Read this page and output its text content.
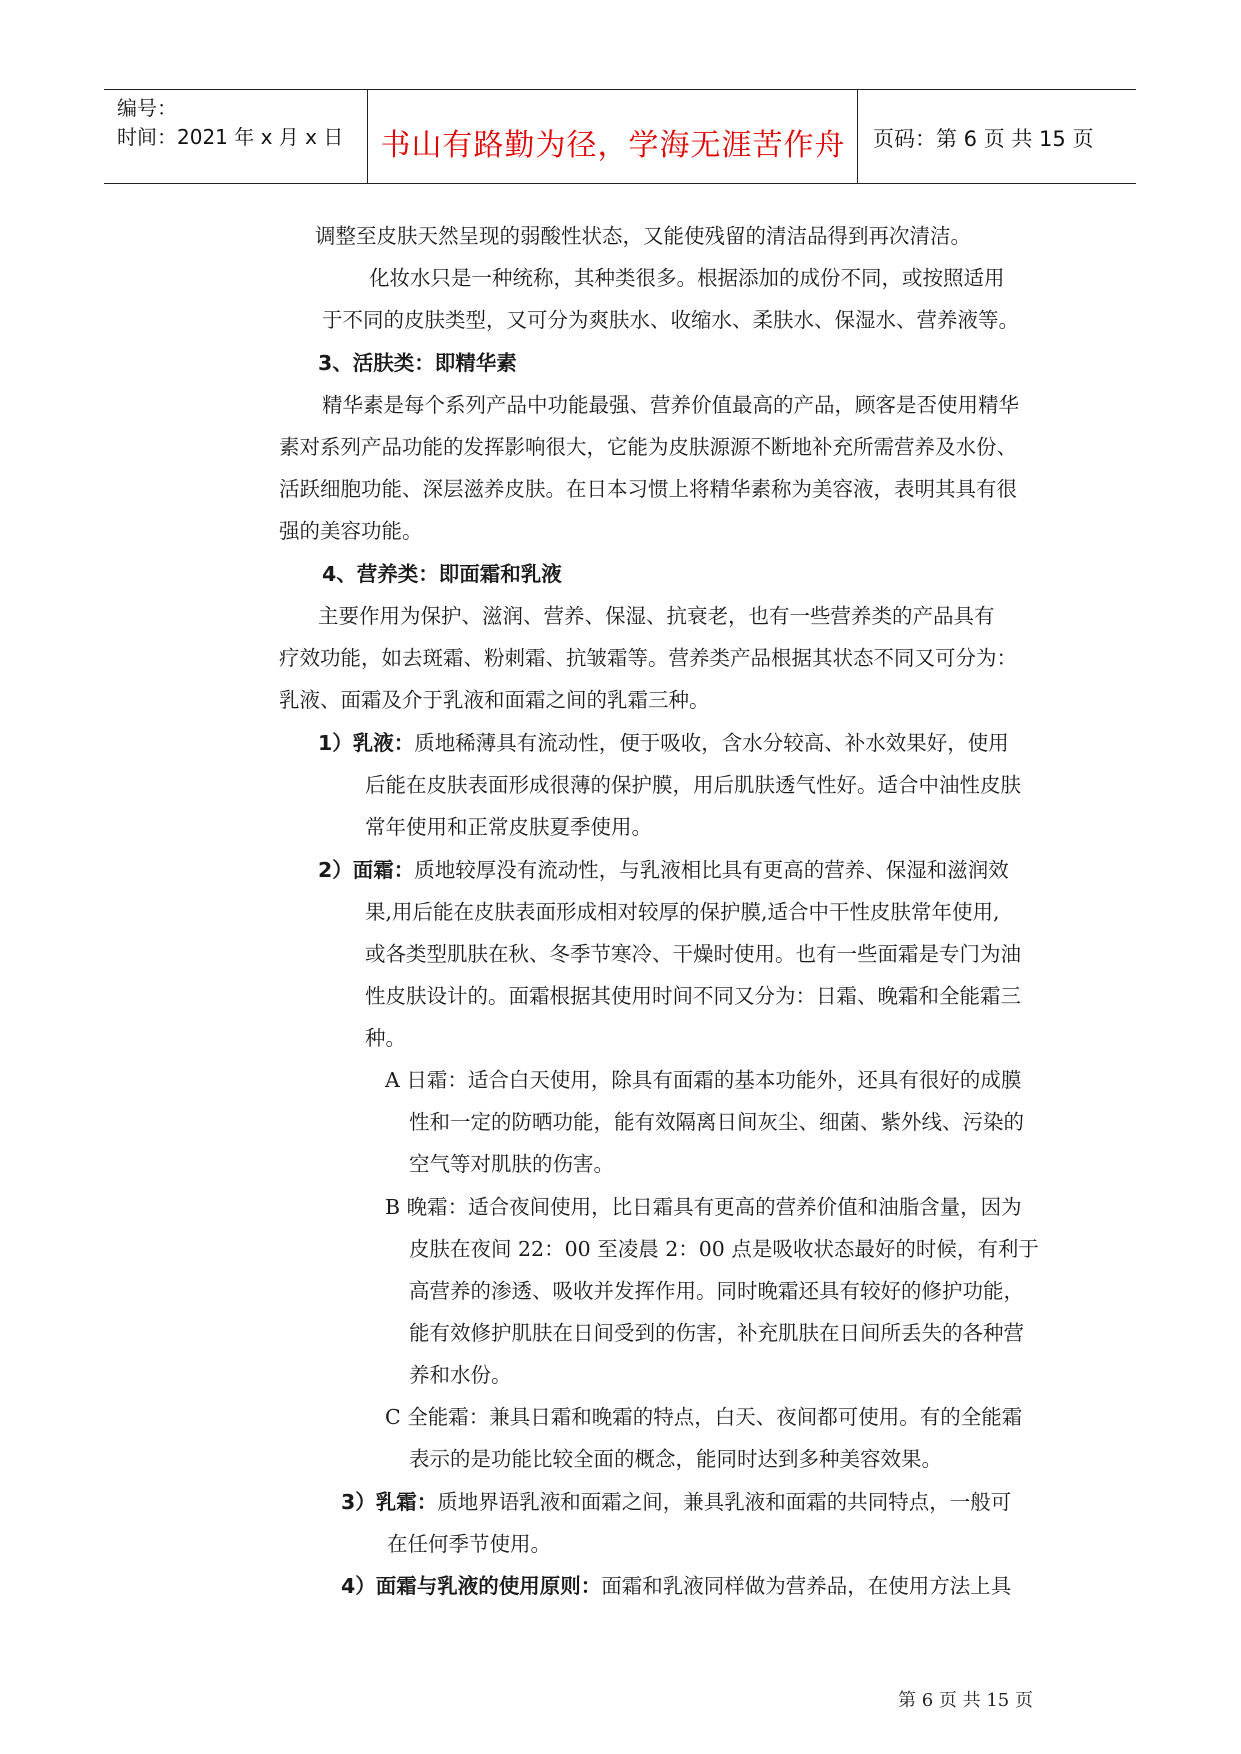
编号：
时间：2021 年 x 月 x 日	书山有路勤为径，学海无涯苦作舟	页码：第 6 页 共 15 页
调整至皮肤天然呈现的弱酸性状态，又能使残留的清洁品得到再次清洁。
化妆水只是一种统称，其种类很多。根据添加的成份不同，或按照适用
于不同的皮肤类型，又可分为爽肤水、收缩水、柔肤水、保湿水、营养液等。
3、活肤类：即精华素
精华素是每个系列产品中功能最强、营养价值最高的产品，顾客是否使用精华
素对系列产品功能的发挥影响很大，它能为皮肤源源不断地补充所需营养及水份、
活跃细胞功能、深层滋养皮肤。在日本习惯上将精华素称为美容液，表明其具有很
强的美容功能。
4、营养类：即面霜和乳液
主要作用为保护、滋润、营养、保湿、抗衰老，也有一些营养类的产品具有
疗效功能，如去斑霜、粉刺霜、抗皱霜等。营养类产品根据其状态不同又可分为：
乳液、面霜及介于乳液和面霜之间的乳霜三种。
1）乳液：质地稀薄具有流动性，便于吸收，含水分较高、补水效果好，使用
后能在皮肤表面形成很薄的保护膜，用后肌肤透气性好。适合中油性皮肤
常年使用和正常皮肤夏季使用。
2）面霜：质地较厚没有流动性，与乳液相比具有更高的营养、保湿和滋润效
果,用后能在皮肤表面形成相对较厚的保护膜,适合中干性皮肤常年使用,
或各类型肌肤在秋、冬季节寒冷、干燥时使用。也有一些面霜是专门为油
性皮肤设计的。面霜根据其使用时间不同又分为：日霜、晚霜和全能霜三
种。
A 日霜：适合白天使用，除具有面霜的基本功能外，还具有很好的成膜
性和一定的防晒功能，能有效隔离日间灰尘、细菌、紫外线、污染的
空气等对肌肤的伤害。
B 晚霜：适合夜间使用，比日霜具有更高的营养价值和油脂含量，因为
皮肤在夜间 22：00 至凌晨 2：00 点是吸收状态最好的时候，有利于
高营养的渗透、吸收并发挥作用。同时晚霜还具有较好的修护功能，
能有效修护肌肤在日间受到的伤害，补充肌肤在日间所丢失的各种营
养和水份。
C 全能霜：兼具日霜和晚霜的特点，白天、夜间都可使用。有的全能霜
表示的是功能比较全面的概念，能同时达到多种美容效果。
3）乳霜：质地界语乳液和面霜之间，兼具乳液和面霜的共同特点，一般可
在任何季节使用。
4）面霜与乳液的使用原则：面霜和乳液同样做为营养品，在使用方法上具
第 6 页 共 15 页
